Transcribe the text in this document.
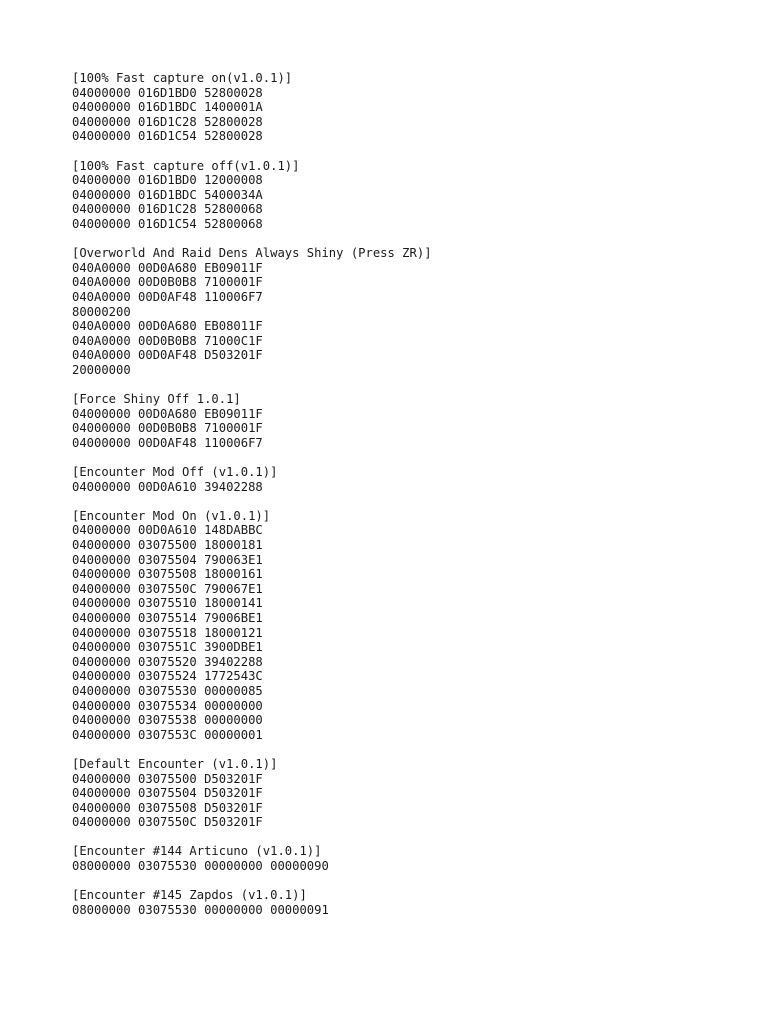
[100% Fast capture on(v1.0.1)]
04000000 016D1BD0 52800028
04000000 016D1BDC 1400001A
04000000 016D1C28 52800028
04000000 016D1C54 52800028
[100% Fast capture off(v1.0.1)]
04000000 016D1BD0 12000008
04000000 016D1BDC 5400034A
04000000 016D1C28 52800068
04000000 016D1C54 52800068
[Overworld And Raid Dens Always Shiny (Press ZR)]
040A0000 00D0A680 EB09011F
040A0000 00D0B0B8 7100001F
040A0000 00D0AF48 110006F7
80000200
040A0000 00D0A680 EB08011F
040A0000 00D0B0B8 71000C1F
040A0000 00D0AF48 D503201F
20000000
[Force Shiny Off 1.0.1]
04000000 00D0A680 EB09011F
04000000 00D0B0B8 7100001F
04000000 00D0AF48 110006F7
[Encounter Mod Off (v1.0.1)]
04000000 00D0A610 39402288
[Encounter Mod On (v1.0.1)]
04000000 00D0A610 148DABBC
04000000 03075500 18000181
04000000 03075504 790063E1
04000000 03075508 18000161
04000000 0307550C 790067E1
04000000 03075510 18000141
04000000 03075514 79006BE1
04000000 03075518 18000121
04000000 0307551C 3900DBE1
04000000 03075520 39402288
04000000 03075524 1772543C
04000000 03075530 00000085
04000000 03075534 00000000
04000000 03075538 00000000
04000000 0307553C 00000001
[Default Encounter (v1.0.1)]
04000000 03075500 D503201F
04000000 03075504 D503201F
04000000 03075508 D503201F
04000000 0307550C D503201F
[Encounter #144 Articuno (v1.0.1)]
08000000 03075530 00000000 00000090
[Encounter #145 Zapdos (v1.0.1)]
08000000 03075530 00000000 00000091
